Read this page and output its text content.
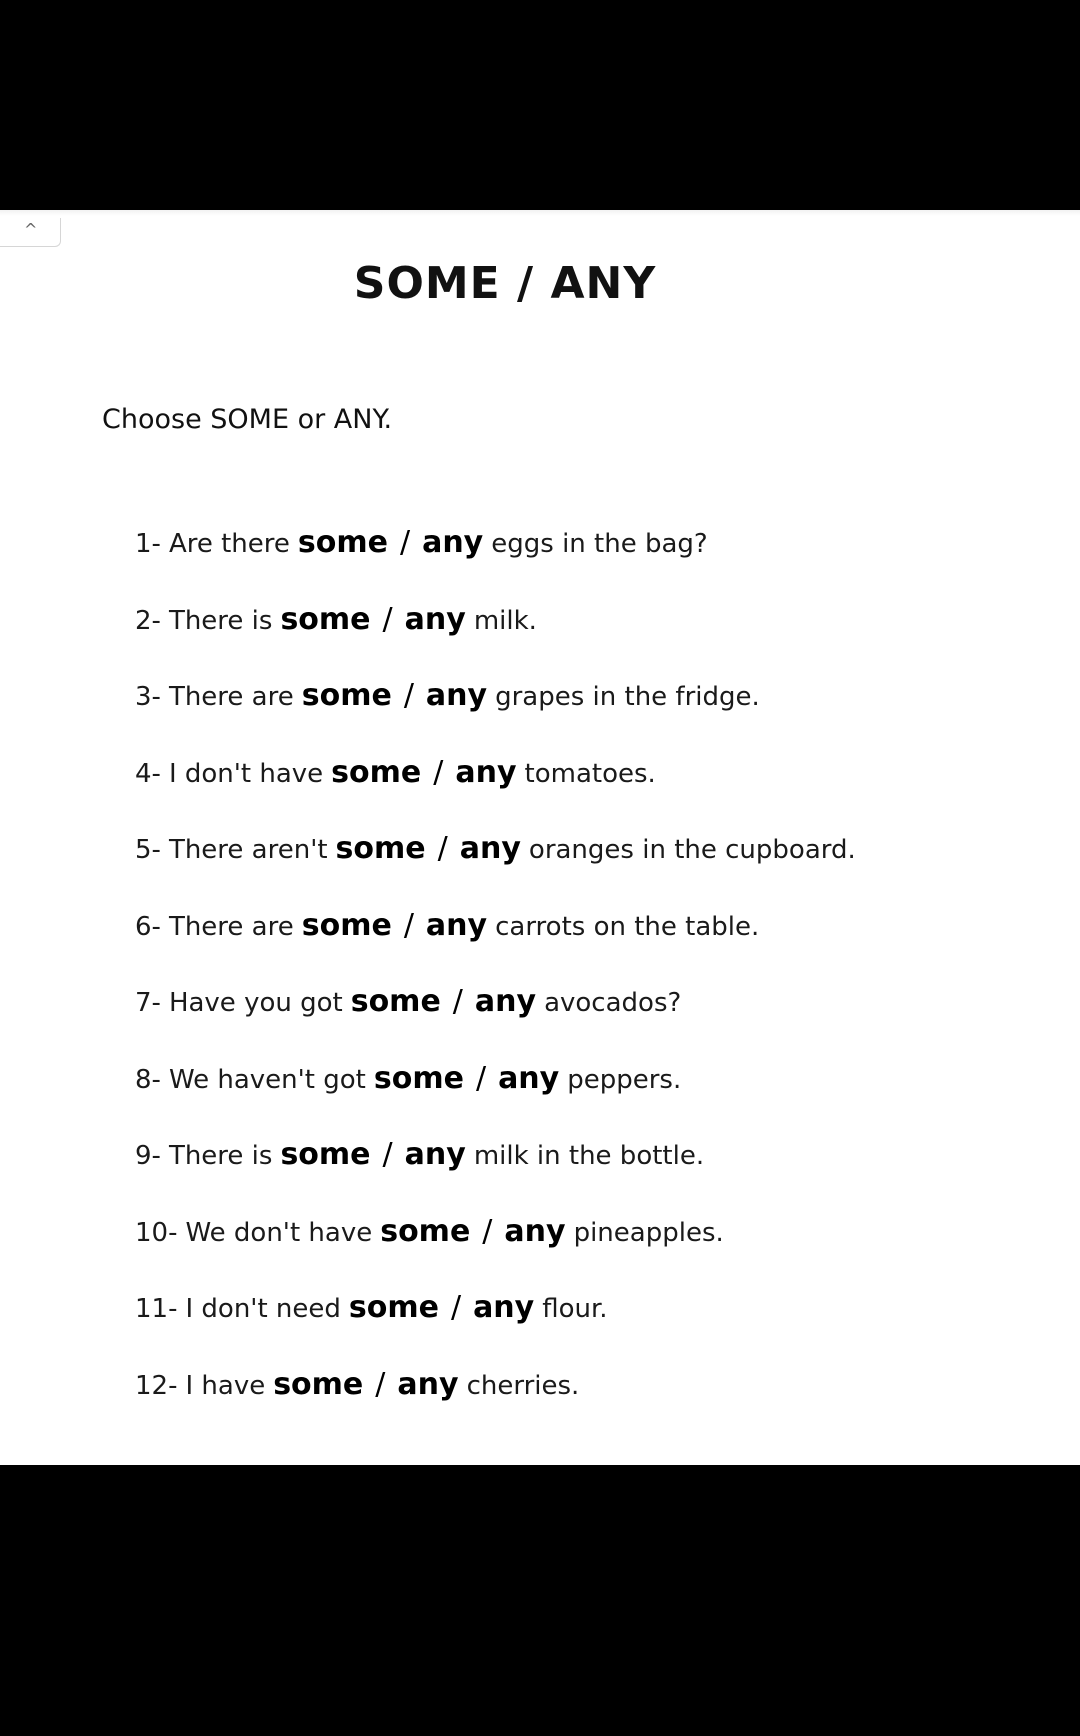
^
SOME / ANY
Choose SOME or ANY.
1- Are there some / any eggs in the bag?
2- There is some / any milk.
3- There are some / any grapes in the fridge.
4- I don't have some / any tomatoes.
5- There aren't some / any oranges in the cupboard.
6- There are some / any carrots on the table.
7- Have you got some / any avocados?
8- We haven't got some / any peppers.
9- There is some / any milk in the bottle.
10- We don't have some / any pineapples.
11- I don't need some / any flour.
12- I have some / any cherries.
